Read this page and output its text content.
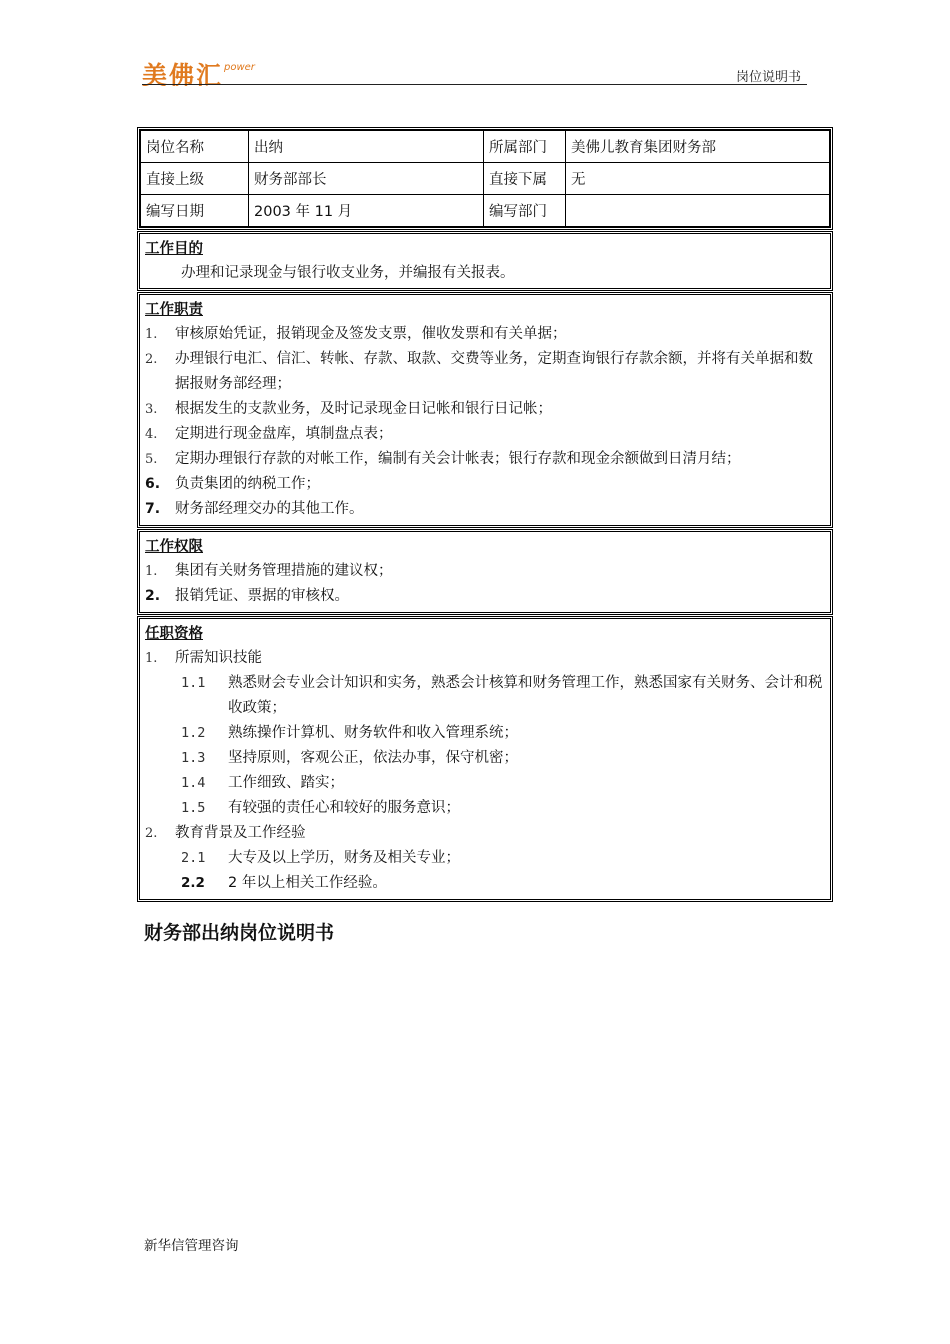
美佛汇 power
岗位说明书
岗位名称	出纳	所属部门	美佛儿教育集团财务部
直接上级	财务部部长	直接下属	无
编写日期	2003 年 11 月	编写部门	
工作目的
办理和记录现金与银行收支业务，并编报有关报表。
工作职责
1.	审核原始凭证，报销现金及签发支票，催收发票和有关单据；
2.	办理银行电汇、信汇、转帐、存款、取款、交费等业务，定期查询银行存款余额，并将有关单据和数据报财务部经理；
3.	根据发生的支款业务，及时记录现金日记帐和银行日记帐；
4.	定期进行现金盘库，填制盘点表；
5.	定期办理银行存款的对帐工作，编制有关会计帐表；银行存款和现金余额做到日清月结；
6.	负责集团的纳税工作；
7.	财务部经理交办的其他工作。
工作权限
1.	集团有关财务管理措施的建议权；
2.	报销凭证、票据的审核权。
任职资格
1.	所需知识技能
1.1	熟悉财会专业会计知识和实务，熟悉会计核算和财务管理工作，熟悉国家有关财务、会计和税收政策；
1.2	熟练操作计算机、财务软件和收入管理系统；
1.3	坚持原则，客观公正，依法办事，保守机密；
1.4	工作细致、踏实；
1.5	有较强的责任心和较好的服务意识；
2.	教育背景及工作经验
2.1	大专及以上学历，财务及相关专业；
2.2	2 年以上相关工作经验。
财务部出纳岗位说明书
新华信管理咨询
